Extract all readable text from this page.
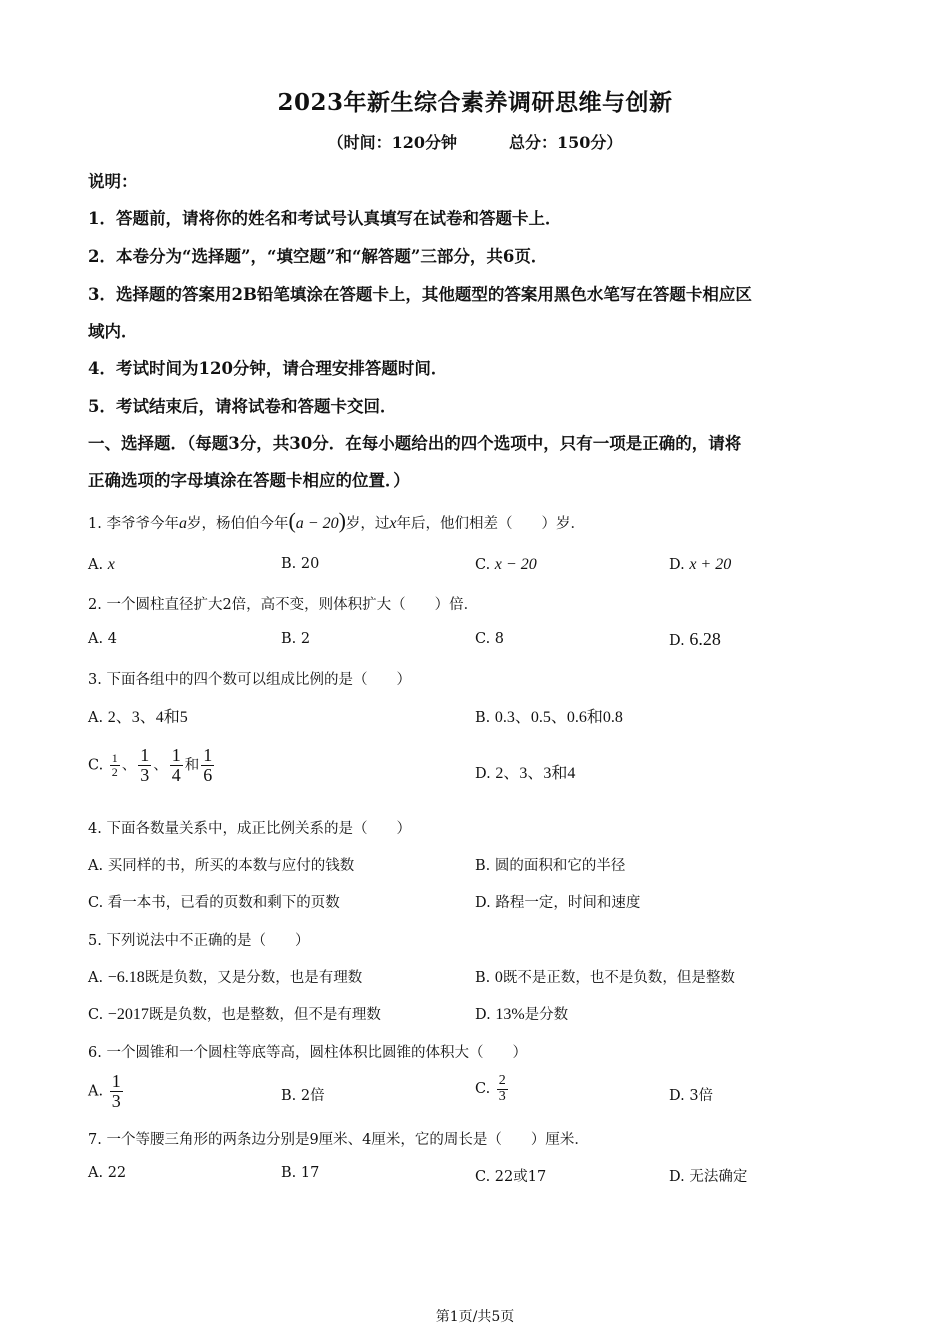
2023年新生综合素养调研思维与创新
（时间：120分钟	总分：150分）
说明：
1．答题前，请将你的姓名和考试号认真填写在试卷和答题卡上．
2．本卷分为“选择题”，“填空题”和“解答题”三部分，共6页．
3．选择题的答案用2B铅笔填涂在答题卡上，其他题型的答案用黑色水笔写在答题卡相应区
域内．
4．考试时间为120分钟，请合理安排答题时间．
5．考试结束后，请将试卷和答题卡交回．
一、选择题．（每题3分，共30分．在每小题给出的四个选项中，只有一项是正确的，请将
正确选项的字母填涂在答题卡相应的位置．）
1. 李爷爷今年a岁，杨伯伯今年(a − 20)岁，过x年后，他们相差（　　）岁．
A. x	B. 20	C. x − 20	D. x + 20
2. 一个圆柱直径扩大2倍，高不变，则体积扩大（　　）倍．
A. 4	B. 2	C. 8	D. 6.28
3. 下面各组中的四个数可以组成比例的是（　　）
A. 2、3、4和5	B. 0.3、0.5、0.6和0.8
C. $\frac{1}{2}$ 、 $\frac{1}{3}$ 、 $\frac{1}{4}$ 和 $\frac{1}{6}$	D. 2、3、3和4
4. 下面各数量关系中，成正比例关系的是（　　）
A. 买同样的书，所买的本数与应付的钱数	B. 圆的面积和它的半径
C. 看一本书，已看的页数和剩下的页数	D. 路程一定，时间和速度
5. 下列说法中不正确的是（　　）
A. −6.18既是负数，又是分数，也是有理数	B. 0既不是正数，也不是负数，但是整数
C. −2017既是负数，也是整数，但不是有理数	D. 13%是分数
6. 一个圆锥和一个圆柱等底等高，圆柱体积比圆锥的体积大（　　）
A. $\frac{1}{3}$	B. 2倍	C. $\frac{2}{3}$	D. 3倍
7. 一个等腰三角形的两条边分别是9厘米、4厘米，它的周长是（　　）厘米．
A. 22	B. 17	C. 22或17	D. 无法确定
第1页/共5页
